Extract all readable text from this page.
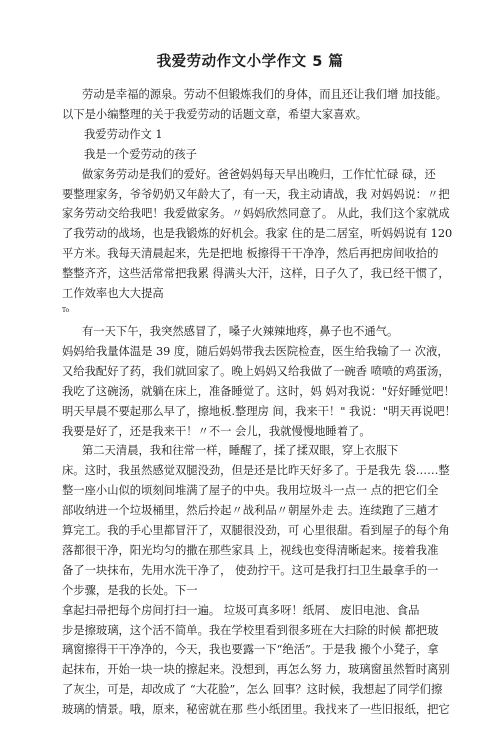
我爱劳动作文小学作文 5 篇

劳动是幸福的源泉。劳动不但锻炼我们的身体，而且还让我们增 加技能。

以下是小编整理的关于我爱劳动的话题文章，希望大家喜欢。

我爱劳动作文 1

我是一个爱劳动的孩子

做家务劳动是我们的爱好。爸爸妈妈每天早出晚归，工作忙忙碌 碌，还

要整理家务，爷爷奶奶又年龄大了，有一天，我主动请战，我 对妈妈说：〃把

家务劳动交给我吧！我爱做家务。〃妈妈欣然同意了。 从此，我们这个家就成

了我劳动的战场，也是我锻炼的好机会。我家 住的是二居室，听妈妈说有 120

平方米。我每天清晨起来，先是把地 板擦得干干净净，然后再把房间收拾的

整整齐齐，这些活常常把我累 得满头大汗，这样，日子久了，我已经干惯了，

工作效率也大大提高

To

有一天下午，我突然感冒了，嗓子火辣辣地疼，鼻子也不通气。

妈妈给我量体温是 39 度，随后妈妈带我去医院检查，医生给我输了一 次液，

又给我配好了药，我们就回家了。晚上妈妈又给我做了一碗香 喷喷的鸡蛋汤，

我吃了这碗汤，就躺在床上，准备睡觉了。这时，妈 妈对我说："好好睡觉吧！

明天早晨不要起那么早了，擦地板.整理房 间，我来干！" 我说："明天再说吧！

我要是好了，还是我来干！〃不一 会儿，我就慢慢地睡着了。

第二天清晨，我和往常一样，睡醒了，揉了揉双眼，穿上衣服下

床。这时，我虽然感觉双腿没劲，但是还是比昨天好多了。于是我先 袋……整

整一座小山似的顷刻间堆满了屋子的中央。我用垃圾斗一点一 点的把它们全

部收纳进一个垃圾桶里，然后拎起〃战利品〃朝屋外走 去。连续跑了三趟才

算完工。我的手心里都冒汗了，双腿很没劲，可 心里很甜。看到屋子的每个角

落都很干净，阳光均匀的撒在那些家具 上，视线也变得清晰起来。接着我准

备了一块抹布，先用水洗干净了， 使劲拧干。这可是我打扫卫生最拿手的一

个步骤，是我的长处。下一

拿起扫帚把每个房间打扫一遍。 垃圾可真多呀！纸屑、 废旧电池、食品

步是擦玻璃，这个活不简单。我在学校里看到很多班在大扫除的时候 都把玻

璃窗擦得干干净净的，今天，我也要露一下“绝活”。于是我 搬个小凳子，拿

起抹布，开始一块一块的擦起来。没想到，再怎么努 力，玻璃窗虽然暂时离别

了灰尘，可是，却改成了 “大花脸”，怎么 回事？这时候，我想起了同学们擦

玻璃的情景。哦，原来，秘密就在那 些小纸团里。我找来了一些旧报纸，把它
